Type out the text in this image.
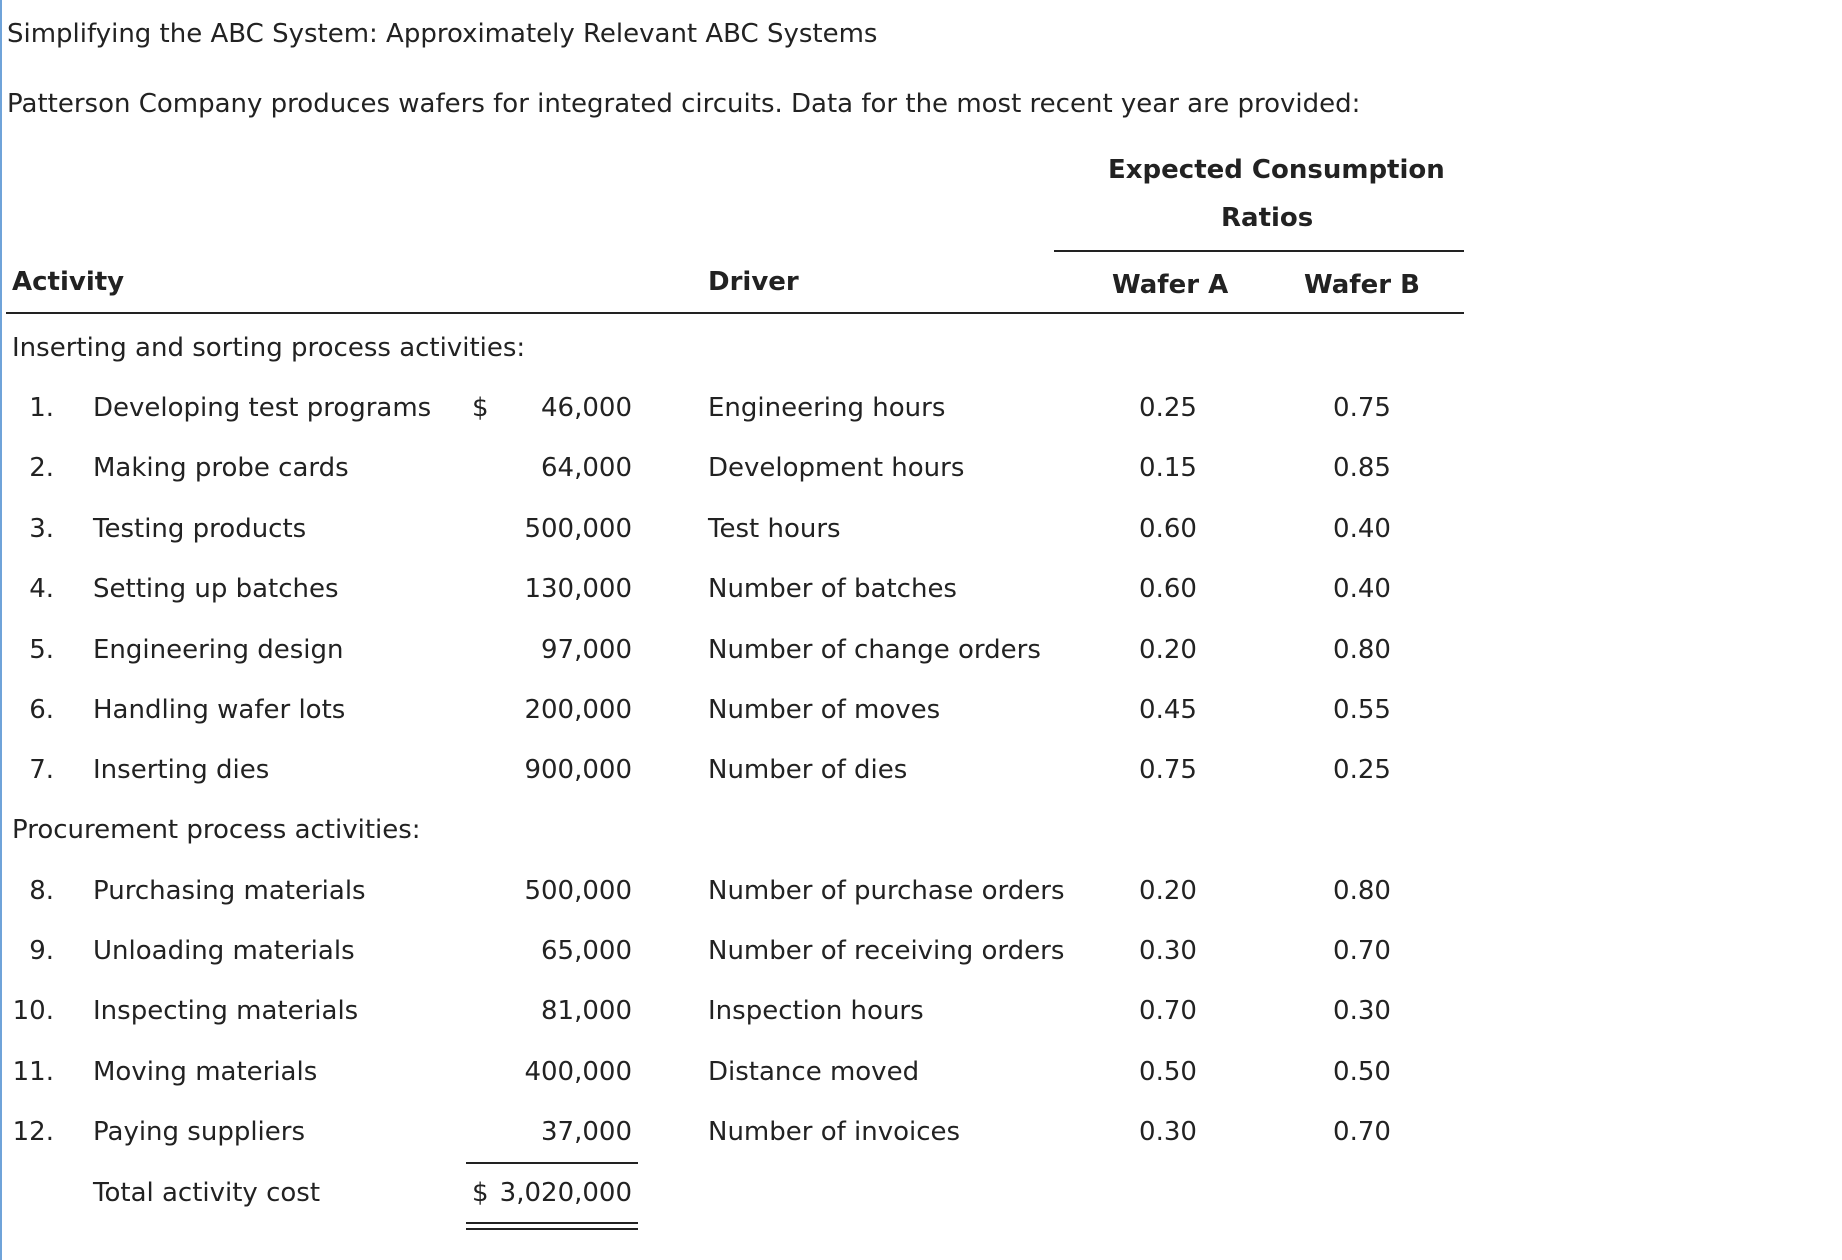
Simplifying the ABC System: Approximately Relevant ABC Systems
Patterson Company produces wafers for integrated circuits. Data for the most recent year are provided:
Expected Consumption
Ratios
Activity	Driver	Wafer A	Wafer B
Inserting and sorting process activities:
Procurement process activities:
1. Developing test programs	46,000	Engineering hours	0.25	0.75
$
2. Making probe cards	64,000	Development hours	0.15	0.85
3. Testing products	500,000	Test hours	0.60	0.40
4. Setting up batches	130,000	Number of batches	0.60	0.40
5. Engineering design	97,000	Number of change orders	0.20	0.80
6. Handling wafer lots	200,000	Number of moves	0.45	0.55
7. Inserting dies	900,000	Number of dies	0.75	0.25
8. Purchasing materials	500,000	Number of purchase orders	0.20	0.80
9. Unloading materials	65,000	Number of receiving orders	0.30	0.70
10. Inspecting materials	81,000	Inspection hours	0.70	0.30
11. Moving materials	400,000	Distance moved	0.50	0.50
12. Paying suppliers	37,000	Number of invoices	0.30	0.70
Total activity cost	$ 3,020,000
